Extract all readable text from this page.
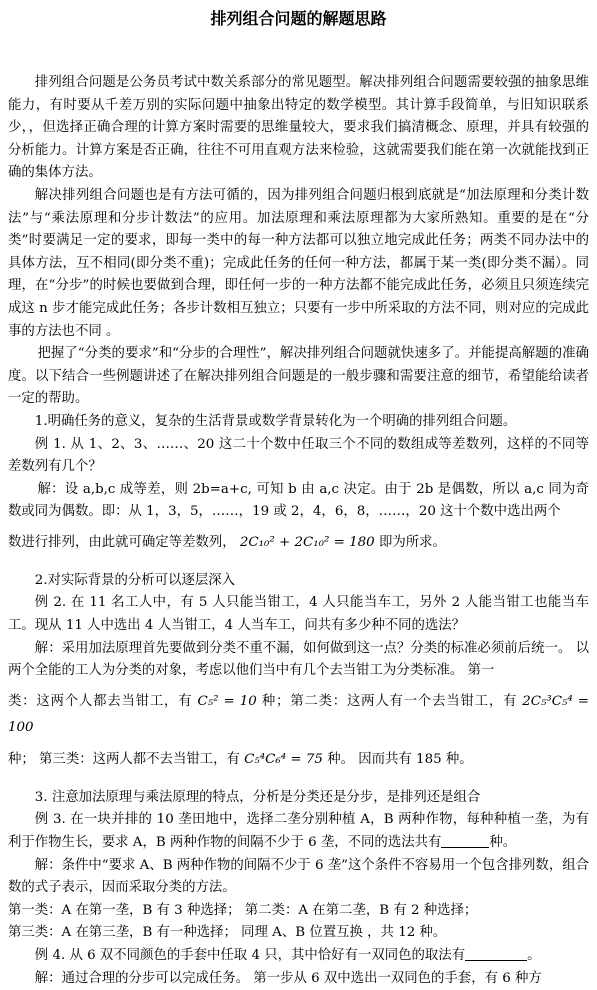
排列组合问题的解题思路

排列组合问题是公务员考试中数关系部分的常见题型。解决排列组合问题需要较强的抽象思维能力，有时要从千差万别的实际问题中抽象出特定的数学模型。其计算手段简单，与旧知识联系少，，但选择正确合理的计算方案时需要的思维量较大，要求我们搞清概念、原理，并具有较强的分析能力。计算方案是否正确，往往不可用直观方法来检验，这就需要我们能在第一次就能找到正确的集体方法。

解决排列组合问题也是有方法可循的，因为排列组合问题归根到底就是“加法原理和分类计数法”与“乘法原理和分步计数法”的应用。加法原理和乘法原理都为大家所熟知。重要的是在“分类”时要满足一定的要求，即每一类中的每一种方法都可以独立地完成此任务；两类不同办法中的具体方法，互不相同(即分类不重)；完成此任务的任何一种方法，都属于某一类(即分类不漏）。同理，在“分步”的时候也要做到合理，即任何一步的一种方法都不能完成此任务，必须且只须连续完成这 n 步才能完成此任务；各步计数相互独立；只要有一步中所采取的方法不同，则对应的完成此事的方法也不同 。

把握了“分类的要求”和“分步的合理性”，解决排列组合问题就快速多了。并能提高解题的准确度。以下结合一些例题讲述了在解决排列组合问题是的一般步骤和需要注意的细节，希望能给读者一定的帮助。

1.明确任务的意义，复杂的生活背景或数学背景转化为一个明确的排列组合问题。

例 1. 从 1、2、3、……、20 这二十个数中任取三个不同的数组成等差数列，这样的不同等差数列有几个？

解：设 a,b,c 成等差，则 2b=a+c, 可知 b 由 a,c 决定。由于 2b 是偶数，所以 a,c 同为奇数或同为偶数。即：从 1，3，5，……，19 或 2，4，6，8，……，20 这十个数中选出两个

数进行排列，由此就可确定等差数列， 2C₁₀² + 2C₁₀² = 180 即为所求。

2.对实际背景的分析可以逐层深入

例 2. 在 11 名工人中，有 5 人只能当钳工，4 人只能当车工，另外 2 人能当钳工也能当车工。现从 11 人中选出 4 人当钳工，4 人当车工，问共有多少种不同的选法？

解：采用加法原理首先要做到分类不重不漏，如何做到这一点？分类的标准必须前后统一。 以两个全能的工人为分类的对象，考虑以他们当中有几个去当钳工为分类标准。 第一

类：这两个人都去当钳工，有 C₅² = 10 种；第二类：这两人有一个去当钳工，有 2C₅³C₅⁴ = 100

种； 第三类：这两人都不去当钳工，有 C₅⁴C₆⁴ = 75 种。 因而共有 185 种。

3. 注意加法原理与乘法原理的特点，分析是分类还是分步，是排列还是组合

例 3. 在一块并排的 10 垄田地中，选择二垄分别种植 A，B 两种作物，每种种植一垄，为有利于作物生长，要求 A，B 两种作物的间隔不少于 6 垄，不同的选法共有	种。

解：条件中“要求 A、B 两种作物的间隔不少于 6 垄”这个条件不容易用一个包含排列数，组合数的式子表示，因而采取分类的方法。

第一类：A 在第一垄，B 有 3 种选择； 第二类：A 在第二垄，B 有 2 种选择；

第三类：A 在第三垄，B 有一种选择； 同理 A、B 位置互换 ，共 12 种。

例 4. 从 6 双不同颜色的手套中任取 4 只，其中恰好有一双同色的取法有	。

解：通过合理的分步可以完成任务。 第一步从 6 双中选出一双同色的手套，有 6 种方
